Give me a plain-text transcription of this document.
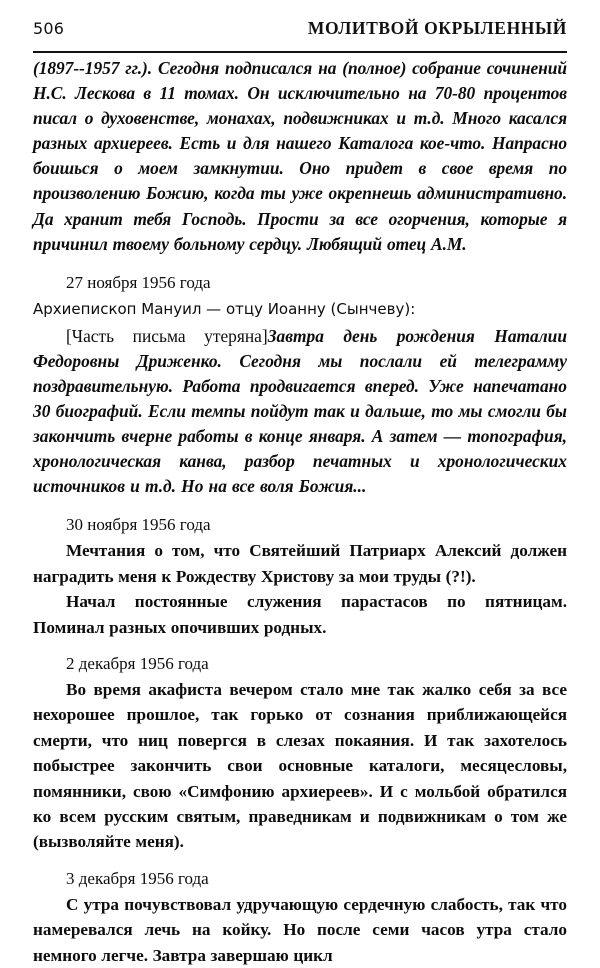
506	МОЛИТВОЙ ОКРЫЛЕННЫЙ

(1897--1957 гг.). Сегодня подписался на (полное) собрание сочинений Н.С. Лескова в 11 томах. Он исключительно на 70-80 процентов писал о духовенстве, монахах, подвижниках и т.д. Много касался разных архиереев. Есть и для нашего Каталога кое-что. Напрасно боишься о моем замкнутии. Оно придет в свое время по произволению Божию, когда ты уже окрепнешь административно. Да хранит тебя Господь. Прости за все огорчения, которые я причинил твоему больному сердцу. Любящий отец А.М.

27 ноября 1956 года

Архиепископ Мануил — отцу Иоанну (Сынчеву):

[Часть письма утеряна]Завтра день рождения Наталии Федоровны Дриженко. Сегодня мы послали ей телеграмму поздравительную. Работа продвигается вперед. Уже напечатано 30 биографий. Если темпы пойдут так и дальше, то мы смогли бы закончить вчерне работы в конце января. А затем — топография, хронологическая канва, разбор печатных и хронологических источников и т.д. Но на все воля Божия...

30 ноября 1956 года

Мечтания о том, что Святейший Патриарх Алексий должен наградить меня к Рождеству Христову за мои труды (?!).

Начал постоянные служения парастасов по пятницам. Поминал разных опочивших родных.

2 декабря 1956 года

Во время акафиста вечером стало мне так жалко себя за все нехорошее прошлое, так горько от сознания приближающейся смерти, что ниц повергся в слезах покаяния. И так захотелось побыстрее закончить свои основные каталоги, месяцесловы, помянники, свою «Симфонию архиереев». И с мольбой обратился ко всем русским святым, праведникам и подвижникам о том же (вызволяйте меня).

3 декабря 1956 года

С утра почувствовал удручающую сердечную слабость, так что намеревался лечь на койку. Но после семи часов утра стало немного легче. Завтра завершаю цикл
